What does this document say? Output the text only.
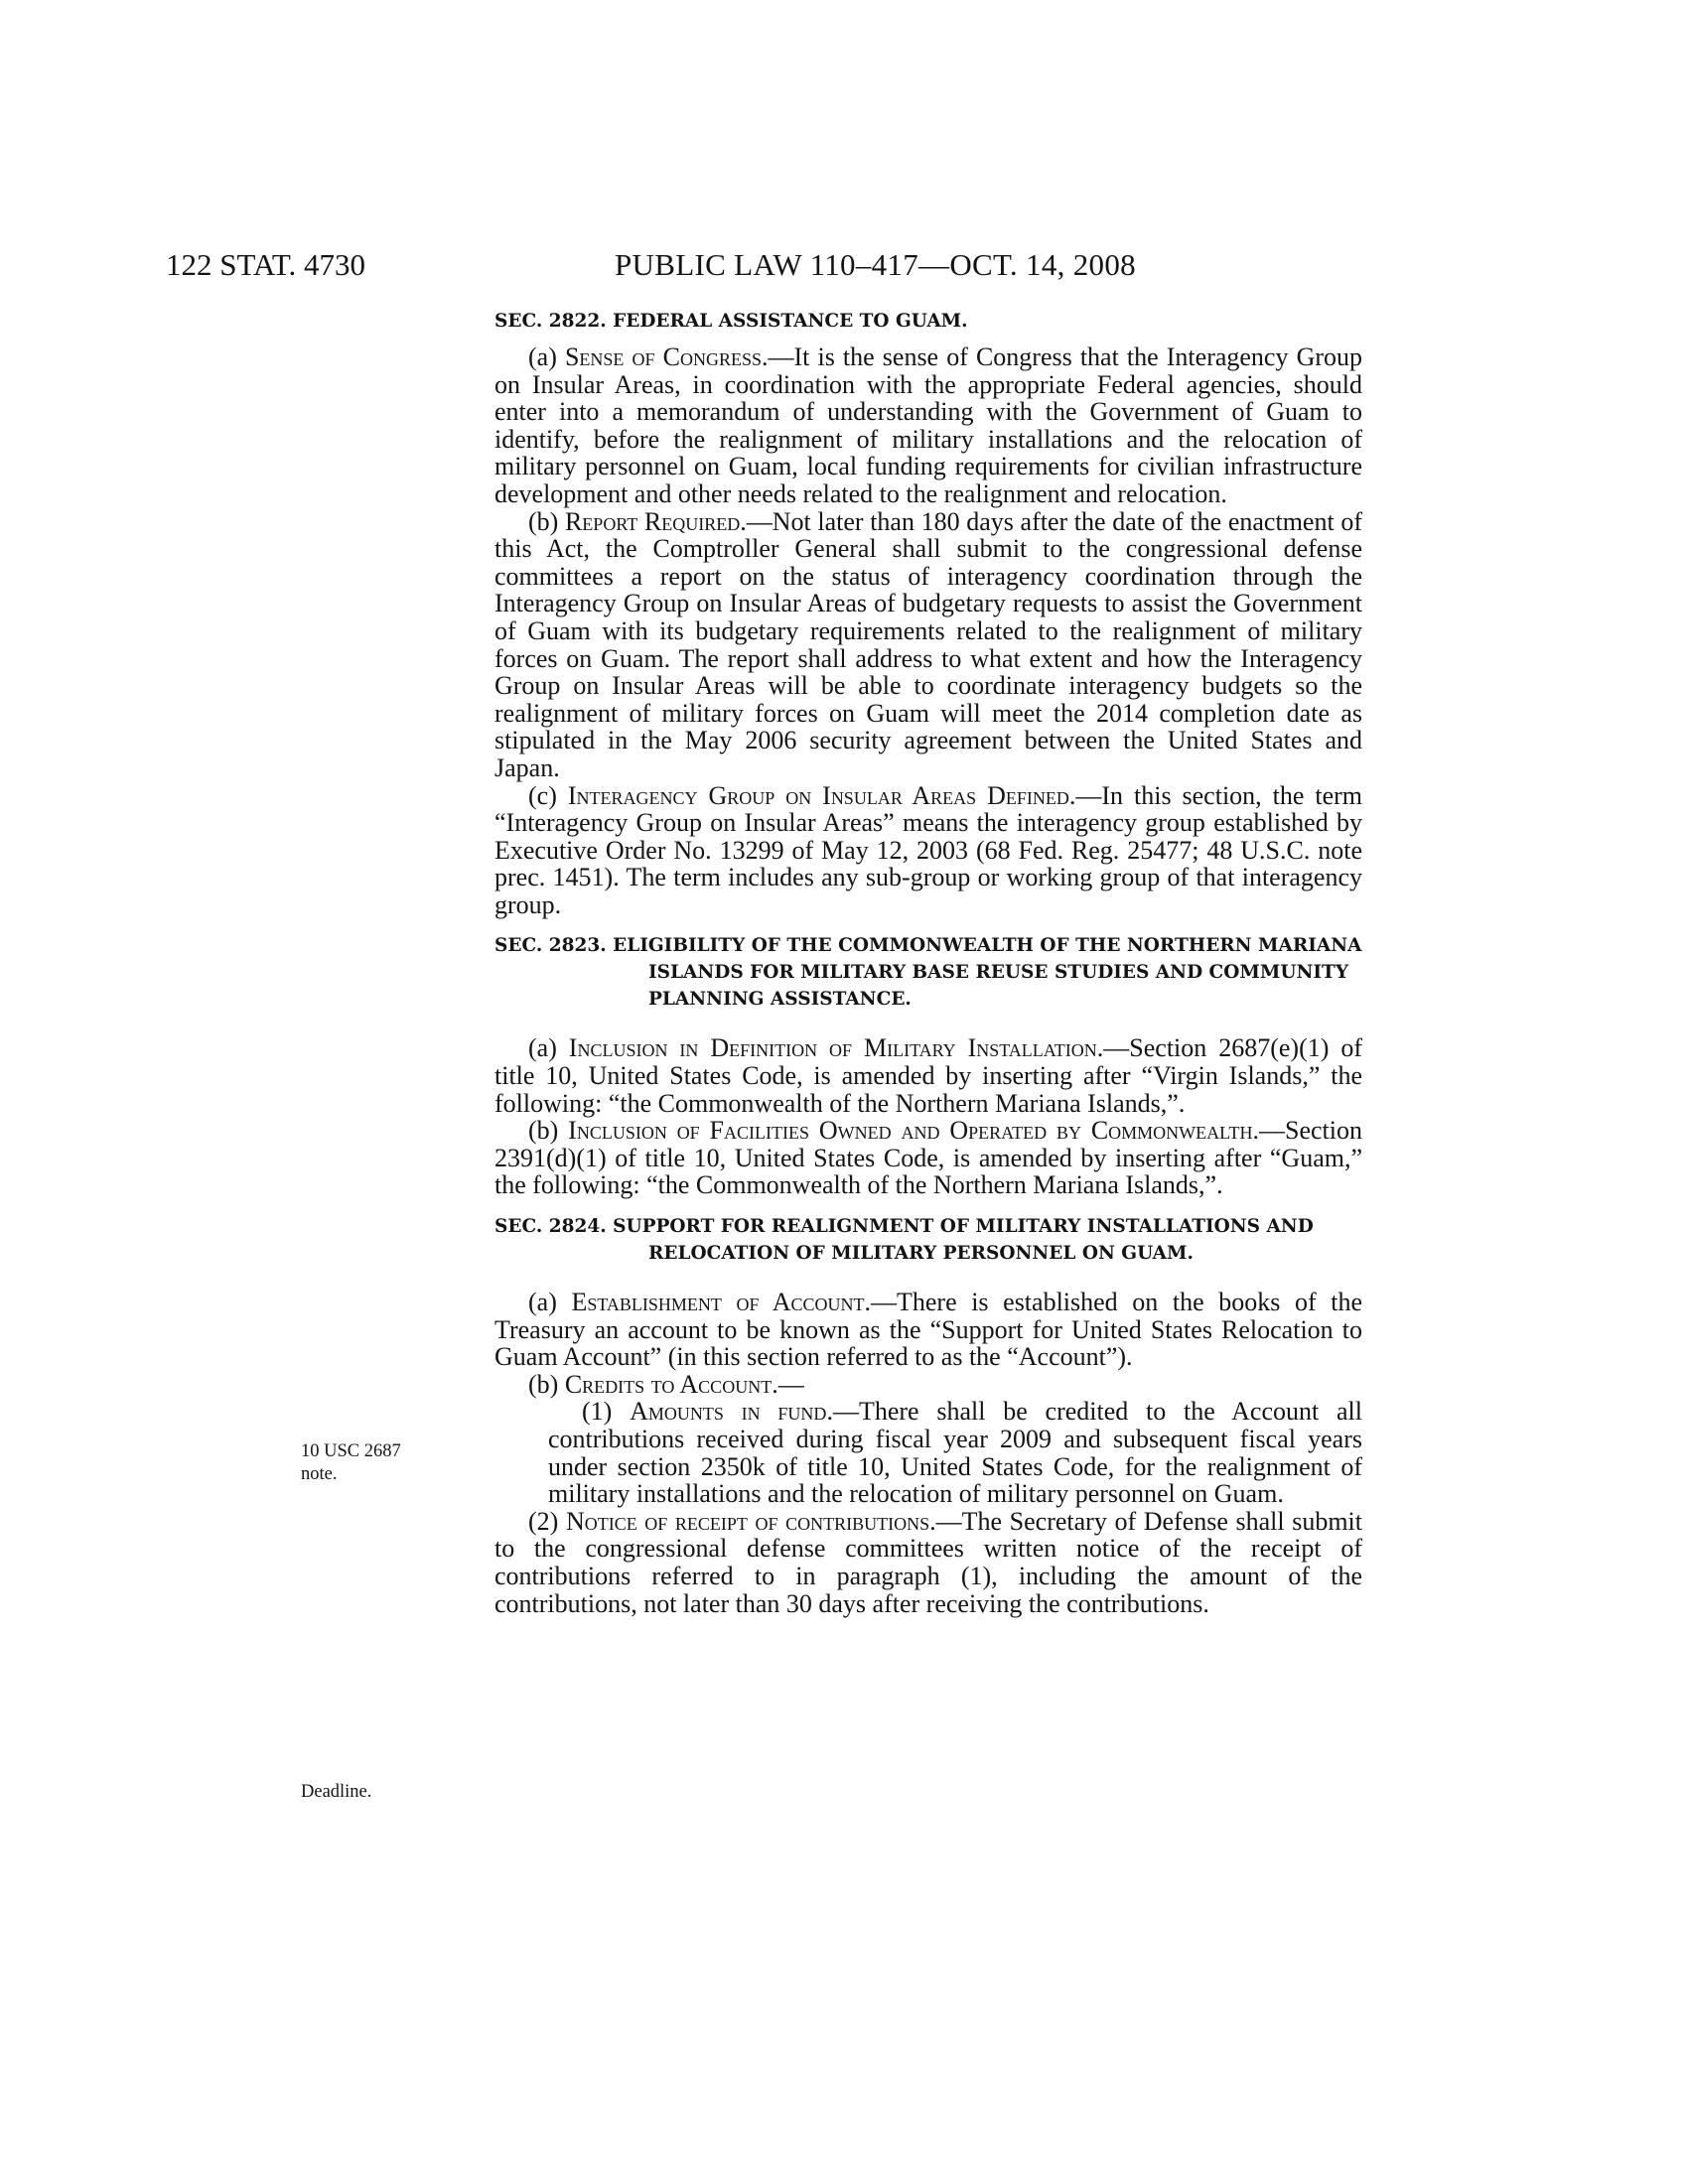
122 STAT. 4730	PUBLIC LAW 110–417—OCT. 14, 2008
10 USC 2687
note.
Deadline.
SEC. 2822. FEDERAL ASSISTANCE TO GUAM.

(a) Sense of Congress.—It is the sense of Congress that the Interagency Group on Insular Areas, in coordination with the appropriate Federal agencies, should enter into a memorandum of understanding with the Government of Guam to identify, before the realignment of military installations and the relocation of military personnel on Guam, local funding requirements for civilian infrastructure development and other needs related to the realignment and relocation.

(b) Report Required.—Not later than 180 days after the date of the enactment of this Act, the Comptroller General shall submit to the congressional defense committees a report on the status of interagency coordination through the Interagency Group on Insular Areas of budgetary requests to assist the Government of Guam with its budgetary requirements related to the realignment of military forces on Guam. The report shall address to what extent and how the Interagency Group on Insular Areas will be able to coordinate interagency budgets so the realignment of military forces on Guam will meet the 2014 completion date as stipulated in the May 2006 security agreement between the United States and Japan.

(c) Interagency Group on Insular Areas Defined.—In this section, the term “Interagency Group on Insular Areas” means the interagency group established by Executive Order No. 13299 of May 12, 2003 (68 Fed. Reg. 25477; 48 U.S.C. note prec. 1451). The term includes any sub-group or working group of that interagency group.

SEC. 2823. ELIGIBILITY OF THE COMMONWEALTH OF THE NORTHERN MARIANA ISLANDS FOR MILITARY BASE REUSE STUDIES AND COMMUNITY PLANNING ASSISTANCE.

(a) Inclusion in Definition of Military Installation.—Section 2687(e)(1) of title 10, United States Code, is amended by inserting after “Virgin Islands,” the following: “the Commonwealth of the Northern Mariana Islands,”.

(b) Inclusion of Facilities Owned and Operated by Commonwealth.—Section 2391(d)(1) of title 10, United States Code, is amended by inserting after “Guam,” the following: “the Commonwealth of the Northern Mariana Islands,”.

SEC. 2824. SUPPORT FOR REALIGNMENT OF MILITARY INSTALLATIONS AND RELOCATION OF MILITARY PERSONNEL ON GUAM.

(a) Establishment of Account.—There is established on the books of the Treasury an account to be known as the “Support for United States Relocation to Guam Account” (in this section referred to as the “Account”).

(b) Credits to Account.—

(1) Amounts in fund.—There shall be credited to the Account all contributions received during fiscal year 2009 and subsequent fiscal years under section 2350k of title 10, United States Code, for the realignment of military installations and the relocation of military personnel on Guam.

(2) Notice of receipt of contributions.—The Secretary of Defense shall submit to the congressional defense committees written notice of the receipt of contributions referred to in paragraph (1), including the amount of the contributions, not later than 30 days after receiving the contributions.
